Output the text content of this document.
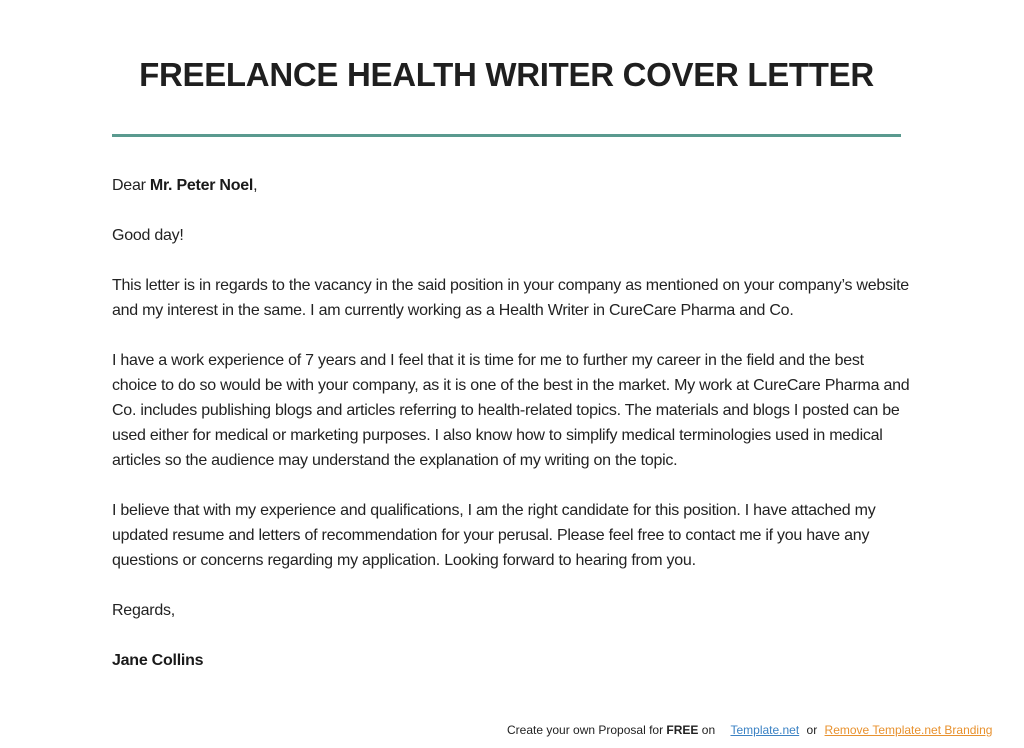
FREELANCE HEALTH WRITER COVER LETTER

Dear Mr. Peter Noel,

Good day!

This letter is in regards to the vacancy in the said position in your company as mentioned on your company’s website and my interest in the same. I am currently working as a Health Writer in CureCare Pharma and Co.

I have a work experience of 7 years and I feel that it is time for me to further my career in the field and the best choice to do so would be with your company, as it is one of the best in the market. My work at CureCare Pharma and Co. includes publishing blogs and articles referring to health-related topics. The materials and blogs I posted can be used either for medical or marketing purposes. I also know how to simplify medical terminologies used in medical articles so the audience may understand the explanation of my writing on the topic.

I believe that with my experience and qualifications, I am the right candidate for this position. I have attached my updated resume and letters of recommendation for your perusal. Please feel free to contact me if you have any questions or concerns regarding my application. Looking forward to hearing from you.

Regards,

Jane Collins

Create your own Proposal for FREE on Template.net or Remove Template.net Branding
